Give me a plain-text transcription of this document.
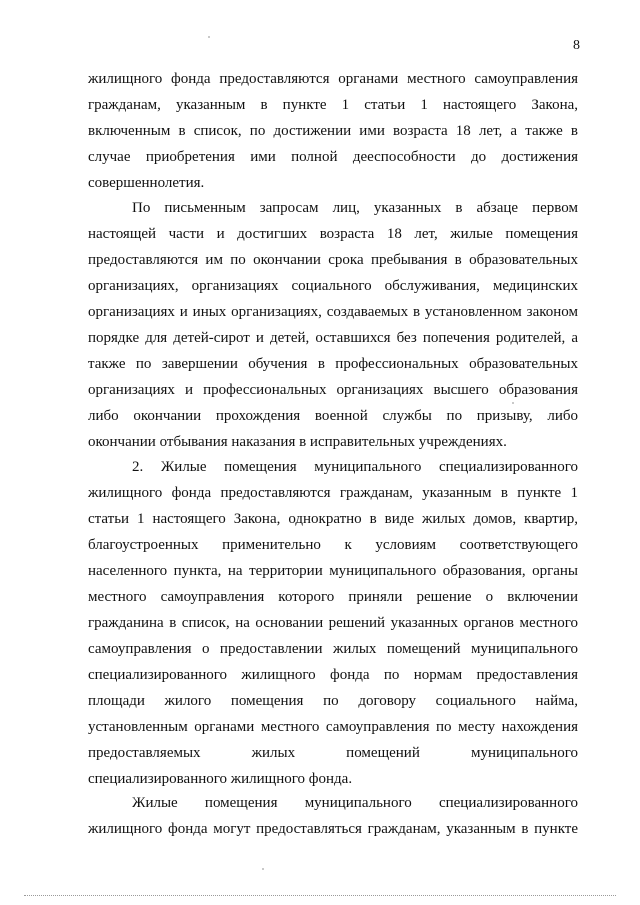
8
жилищного фонда предоставляются органами местного самоуправления
гражданам, указанным в пункте 1 статьи 1 настоящего Закона,
включенным в список, по достижении ими возраста 18 лет, а также в
случае приобретения ими полной дееспособности до достижения
совершеннолетия.
По письменным запросам лиц, указанных в абзаце первом
настоящей части и достигших возраста 18 лет, жилые помещения
предоставляются им по окончании срока пребывания в образовательных
организациях, организациях социального обслуживания, медицинских
организациях и иных организациях, создаваемых в установленном законом
порядке для детей-сирот и детей, оставшихся без попечения родителей, а
также по завершении обучения в профессиональных образовательных
организациях и профессиональных организациях высшего образования
либо окончании прохождения военной службы по призыву, либо
окончании отбывания наказания в исправительных учреждениях.
2. Жилые помещения муниципального специализированного
жилищного фонда предоставляются гражданам, указанным в пункте 1
статьи 1 настоящего Закона, однократно в виде жилых домов, квартир,
благоустроенных применительно к условиям соответствующего
населенного пункта, на территории муниципального образования, органы
местного самоуправления которого приняли решение о включении
гражданина в список, на основании решений указанных органов местного
самоуправления о предоставлении жилых помещений муниципального
специализированного жилищного фонда по нормам предоставления
площади жилого помещения по договору социального найма,
установленным органами местного самоуправления по месту нахождения
предоставляемых жилых помещений муниципального
специализированного жилищного фонда.
Жилые помещения муниципального специализированного
жилищного фонда могут предоставляться гражданам, указанным в пункте
